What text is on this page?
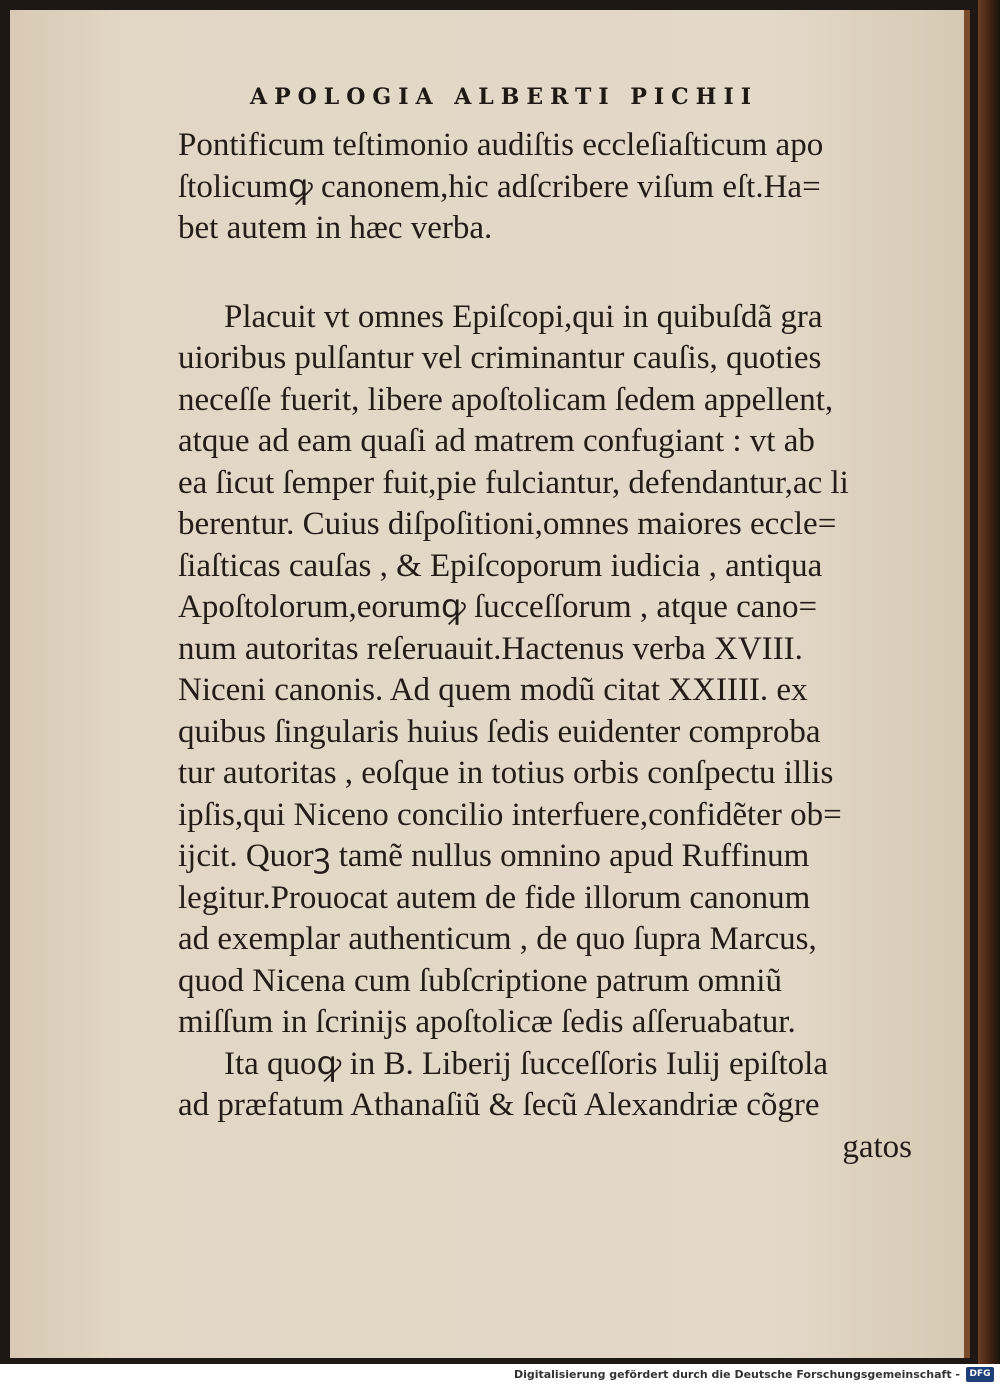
APOLOGIA ALBERTI PICHII
Pontificum teſtimonio audiſtis eccleſiaſticum apo
ſtolicumꝙ canonem,hic adſcribere viſum eſt.Ha=
bet autem in hæc verba.
Placuit vt omnes Epiſcopi,qui in quibuſdã gra
uioribus pulſantur vel criminantur cauſis, quoties
neceſſe fuerit, libere apoſtolicam ſedem appellent,
atque ad eam quaſi ad matrem confugiant : vt ab
ea ſicut ſemper fuit,pie fulciantur, defendantur,ac li
berentur. Cuius diſpoſitioni,omnes maiores eccle=
ſiaſticas cauſas , & Epiſcoporum iudicia , antiqua
Apoſtolorum,eorumꝙ ſucceſſorum , atque cano=
num autoritas reſeruauit.Hactenus verba XVIII.
Niceni canonis. Ad quem modũ citat XXIIII. ex
quibus ſingularis huius ſedis euidenter comproba
tur autoritas , eoſque in totius orbis conſpectu illis
ipſis,qui Niceno concilio interfuere,confidẽter ob=
ijcit. Quorꝫ tamẽ nullus omnino apud Ruffinum
legitur.Prouocat autem de fide illorum canonum
ad exemplar authenticum , de quo ſupra Marcus,
quod Nicena cum ſubſcriptione patrum omniũ
miſſum in ſcrinijs apoſtolicæ ſedis aſſeruabatur.
Ita quoꝙ in B. Liberij ſucceſſoris Iulij epiſtola
ad præfatum Athanaſiũ & ſecũ Alexandriæ cõgre
gatos
Digitalisierung gefördert durch die Deutsche Forschungsgemeinschaft -	DFG
